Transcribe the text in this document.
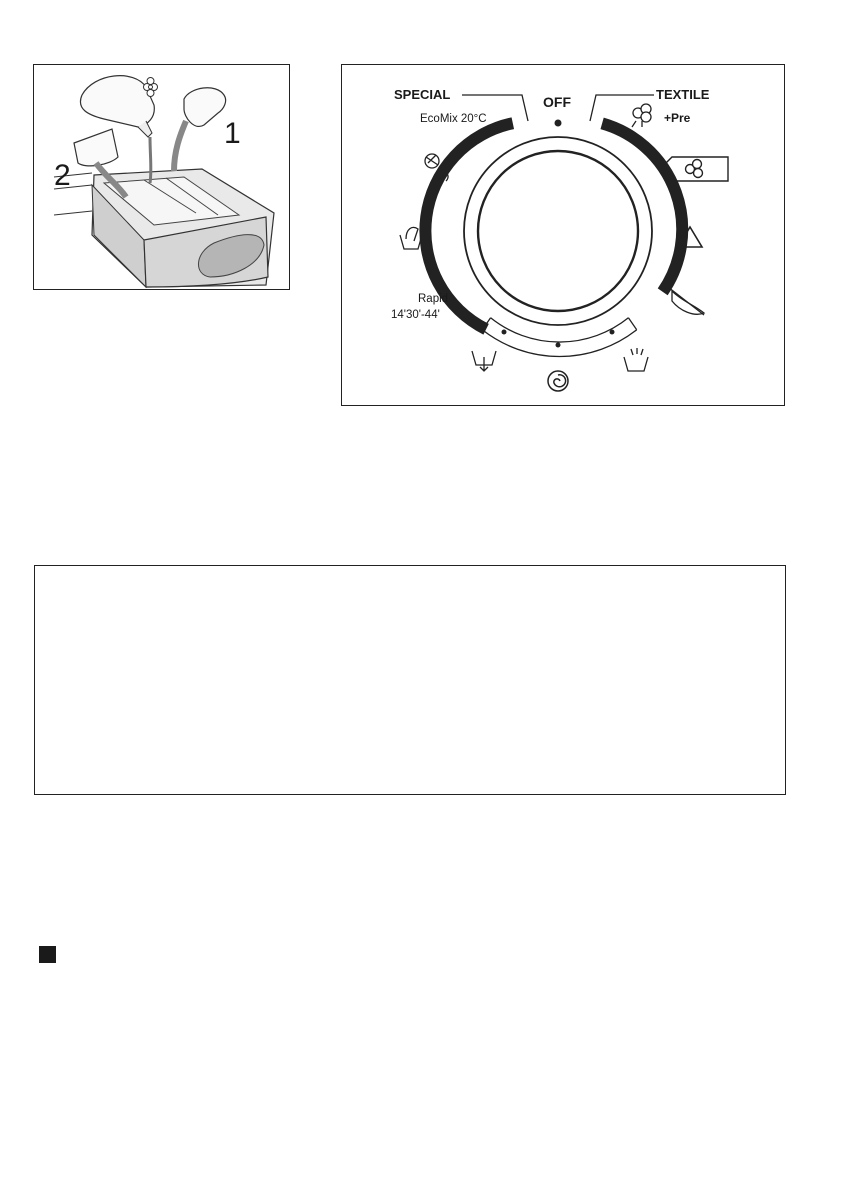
1
2
SPECIAL	OFF	TEXTILE
EcoMix 20°C	+Pre
Rapid
14'30'-44'
